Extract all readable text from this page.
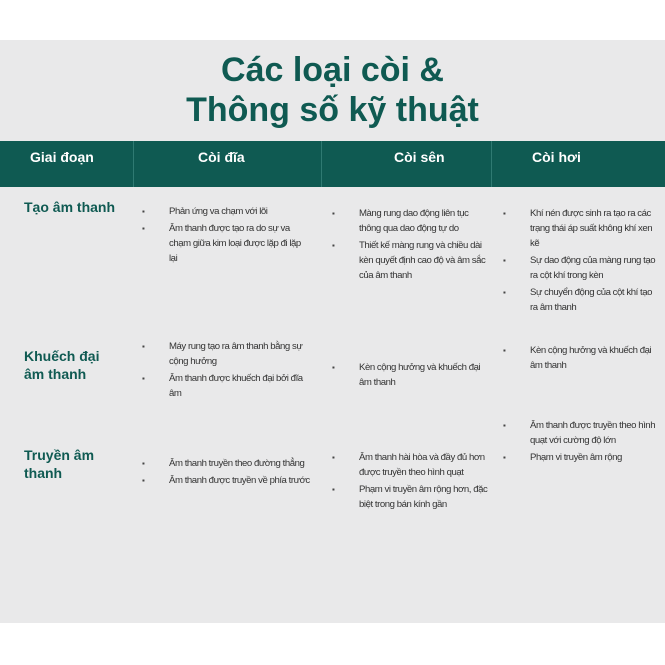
Các loại còi &
Thông số kỹ thuật
Giai đoạn	Còi đĩa	Còi sên	Còi hơi
Tạo âm thanh
▪	Phản ứng va chạm với lõi
▪ Âm thanh được tạo ra do sự va chạm giữa kim loại được lặp đi lặp lại
▪ Màng rung dao động liên tục thông qua dao động tự do
▪ Thiết kế màng rung và chiều dài kèn quyết định cao độ và âm sắc của âm thanh
▪ Khí nén được sinh ra tạo ra các trạng thái áp suất không khí xen kẽ
▪ Sự dao động của màng rung tạo ra cột khí trong kèn
▪ Sự chuyển động của cột khí tạo ra âm thanh
Khuếch đại
âm thanh
▪ Máy rung tạo ra âm thanh bằng sự cộng hưởng
▪ Âm thanh được khuếch đại bởi đĩa âm
▪ Kèn cộng hưởng và khuếch đại âm thanh
▪ Kèn cộng hưởng và khuếch đại âm thanh
Truyền âm
thanh
▪ Âm thanh truyền theo đường thẳng
▪ Âm thanh được truyền về phía trước
▪ Âm thanh hài hòa và đầy đủ hơn được truyền theo hình quạt
▪ Phạm vi truyền âm rộng hơn, đặc biệt trong bán kính gần
▪ Âm thanh được truyền theo hình quạt với cường độ lớn
▪ Phạm vi truyền âm rộng
